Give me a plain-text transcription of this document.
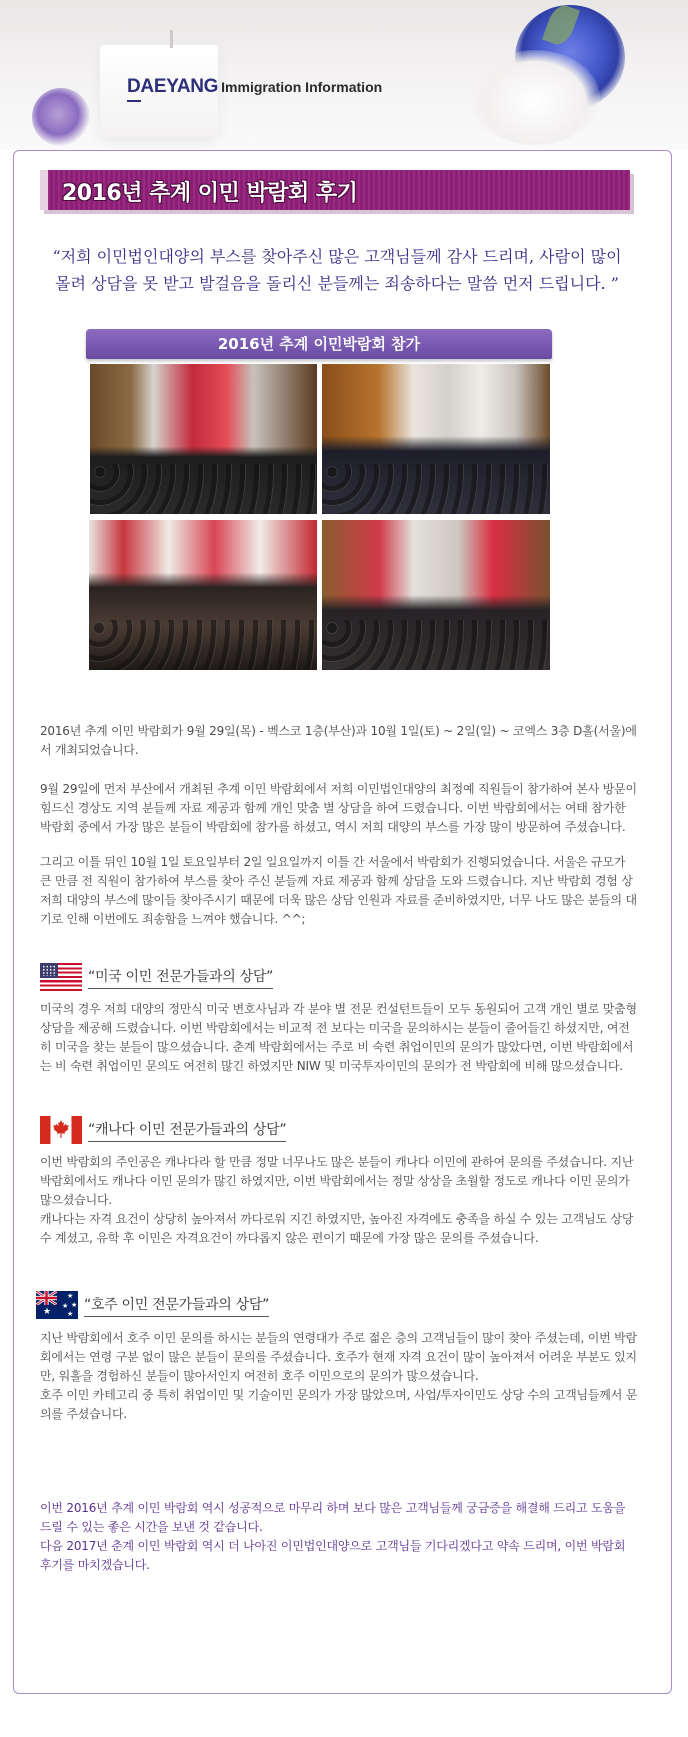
DAEYANG Immigration Information
2016년 추계 이민 박람회 후기
“저희 이민법인대양의 부스를 찾아주신 많은 고객님들께 감사 드리며, 사람이 많이 몰려 상담을 못 받고 발걸음을 돌리신 분들께는 죄송하다는 말씀 먼저 드립니다. ”
2016년 추계 이민박람회 참가
2016년 추계 이민 박람회가 9월 29일(목) - 벡스코 1층(부산)과 10월 1일(토) ~ 2일(일) ~ 코엑스 3층 D홀(서울)에서 개최되었습니다.
9월 29일에 먼저 부산에서 개최된 추계 이민 박람회에서 저희 이민법인대양의 최정예 직원들이 참가하여 본사 방문이 힘드신 경상도 지역 분들께 자료 제공과 함께 개인 맞춤 별 상담을 하여 드렸습니다. 이번 박람회에서는 여태 참가한 박람회 중에서 가장 많은 분들이 박람회에 참가를 하셨고, 역시 저희 대양의 부스를 가장 많이 방문하여 주셨습니다.
그리고 이틀 뒤인 10월 1일 토요일부터 2일 일요일까지 이틀 간 서울에서 박람회가 진행되었습니다. 서울은 규모가 큰 만큼 전 직원이 참가하여 부스를 찾아 주신 분들께 자료 제공과 함께 상담을 도와 드렸습니다. 지난 박람회 경험 상 저희 대양의 부스에 많이들 찾아주시기 때문에 더욱 많은 상담 인원과 자료를 준비하였지만, 너무 나도 많은 분들의 대기로 인해 이번에도 죄송함을 느껴야 했습니다. ^^;
“미국 이민 전문가들과의 상담”
미국의 경우 저희 대양의 정만식 미국 변호사님과 각 분야 별 전문 컨설턴트들이 모두 동원되어 고객 개인 별로 맞춤형 상담을 제공해 드렸습니다. 이번 박람회에서는 비교적 전 보다는 미국을 문의하시는 분들이 줄어들긴 하셨지만, 여전히 미국을 찾는 분들이 많으셨습니다. 춘계 박람회에서는 주로 비 숙련 취업이민의 문의가 많았다면, 이번 박람회에서는 비 숙련 취업이민 문의도 여전히 많긴 하였지만 NIW 및 미국투자이민의 문의가 전 박람회에 비해 많으셨습니다.
“캐나다 이민 전문가들과의 상담”
이번 박람회의 주인공은 캐나다라 할 만큼 정말 너무나도 많은 분들이 캐나다 이민에 관하여 문의를 주셨습니다. 지난 박람회에서도 캐나다 이민 문의가 많긴 하였지만, 이번 박람회에서는 정말 상상을 초월할 정도로 캐나다 이민 문의가 많으셨습니다.
캐나다는 자격 요건이 상당히 높아져서 까다로워 지긴 하였지만, 높아진 자격에도 충족을 하실 수 있는 고객님도 상당 수 계셨고, 유학 후 이민은 자격요건이 까다롭지 않은 편이기 때문에 가장 많은 문의를 주셨습니다.
★
★
★
★
★
“호주 이민 전문가들과의 상담”
지난 박람회에서 호주 이민 문의를 하시는 분들의 연령대가 주로 젊은 층의 고객님들이 많이 찾아 주셨는데, 이번 박람회에서는 연령 구분 없이 많은 분들이 문의를 주셨습니다. 호주가 현재 자격 요건이 많이 높아져서 어려운 부분도 있지만, 워홀을 경험하신 분들이 많아서인지 여전히 호주 이민으로의 문의가 많으셨습니다.
호주 이민 카테고리 중 특히 취업이민 및 기술이민 문의가 가장 많았으며, 사업/투자이민도 상당 수의 고객님들께서 문의를 주셨습니다.
이번 2016년 추계 이민 박람회 역시 성공적으로 마무리 하며 보다 많은 고객님들께 궁금증을 해결해 드리고 도움을 드릴 수 있는 좋은 시간을 보낸 것 같습니다.
다음 2017년 춘계 이민 박람회 역시 더 나아진 이민법인대양으로 고객님들 기다리겠다고 약속 드리며, 이번 박람회 후기를 마치겠습니다.
